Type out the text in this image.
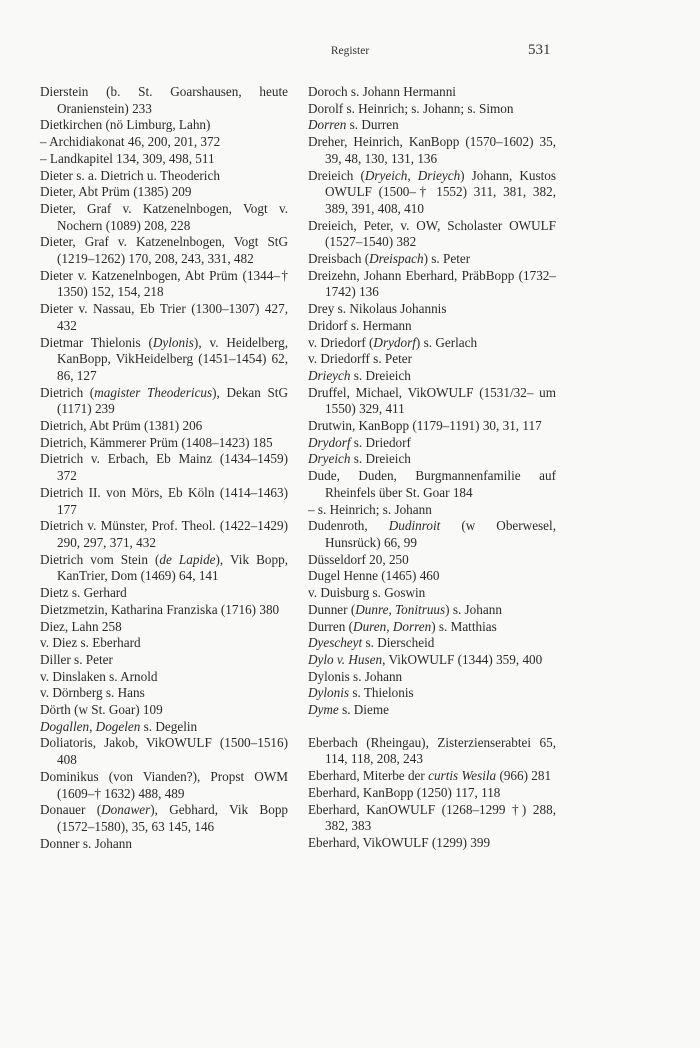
Register	531
Dierstein (b. St. Goarshausen, heute Oranienstein) 233
Dietkirchen (nö Limburg, Lahn)
– Archidiakonat 46, 200, 201, 372
– Landkapitel 134, 309, 498, 511
Dieter s. a. Dietrich u. Theoderich
Dieter, Abt Prüm (1385) 209
Dieter, Graf v. Katzenelnbogen, Vogt v. Nochern (1089) 208, 228
Dieter, Graf v. Katzenelnbogen, Vogt StG (1219–1262) 170, 208, 243, 331, 482
Dieter v. Katzenelnbogen, Abt Prüm (1344–† 1350) 152, 154, 218
Dieter v. Nassau, Eb Trier (1300–1307) 427, 432
Dietmar Thielonis (Dylonis), v. Heidelberg, KanBopp, VikHeidelberg (1451–1454) 62, 86, 127
Dietrich (magister Theodericus), Dekan StG (1171) 239
Dietrich, Abt Prüm (1381) 206
Dietrich, Kämmerer Prüm (1408–1423) 185
Dietrich v. Erbach, Eb Mainz (1434–1459) 372
Dietrich II. von Mörs, Eb Köln (1414–1463) 177
Dietrich v. Münster, Prof. Theol. (1422–1429) 290, 297, 371, 432
Dietrich vom Stein (de Lapide), Vik Bopp, KanTrier, Dom (1469) 64, 141
Dietz s. Gerhard
Dietzmetzin, Katharina Franziska (1716) 380
Diez, Lahn 258
v. Diez s. Eberhard
Diller s. Peter
v. Dinslaken s. Arnold
v. Dörnberg s. Hans
Dörth (w St. Goar) 109
Dogallen, Dogelen s. Degelin
Doliatoris, Jakob, VikOWULF (1500–1516) 408
Dominikus (von Vianden?), Propst OWM (1609–† 1632) 488, 489
Donauer (Donawer), Gebhard, Vik Bopp (1572–1580), 35, 63 145, 146
Donner s. Johann
Doroch s. Johann Hermanni
Dorolf s. Heinrich; s. Johann; s. Simon
Dorren s. Durren
Dreher, Heinrich, KanBopp (1570–1602) 35, 39, 48, 130, 131, 136
Dreieich (Dryeich, Drieych) Johann, Kustos OWULF (1500–† 1552) 311, 381, 382, 389, 391, 408, 410
Dreieich, Peter, v. OW, Scholaster OWULF (1527–1540) 382
Dreisbach (Dreispach) s. Peter
Dreizehn, Johann Eberhard, PräbBopp (1732–1742) 136
Drey s. Nikolaus Johannis
Dridorf s. Hermann
v. Driedorf (Drydorf) s. Gerlach
v. Driedorff s. Peter
Drieych s. Dreieich
Druffel, Michael, VikOWULF (1531/32– um 1550) 329, 411
Drutwin, KanBopp (1179–1191) 30, 31, 117
Drydorf s. Driedorf
Dryeich s. Dreieich
Dude, Duden, Burgmannenfamilie auf Rheinfels über St. Goar 184
– s. Heinrich; s. Johann
Dudenroth, Dudinroit (w Oberwesel, Hunsrück) 66, 99
Düsseldorf 20, 250
Dugel Henne (1465) 460
v. Duisburg s. Goswin
Dunner (Dunre, Tonitruus) s. Johann
Durren (Duren, Dorren) s. Matthias
Dyescheyt s. Dierscheid
Dylo v. Husen, VikOWULF (1344) 359, 400
Dylonis s. Johann
Dylonis s. Thielonis
Dyme s. Dieme
Eberbach (Rheingau), Zisterzienserabtei 65, 114, 118, 208, 243
Eberhard, Miterbe der curtis Wesila (966) 281
Eberhard, KanBopp (1250) 117, 118
Eberhard, KanOWULF (1268–1299 †) 288, 382, 383
Eberhard, VikOWULF (1299) 399
